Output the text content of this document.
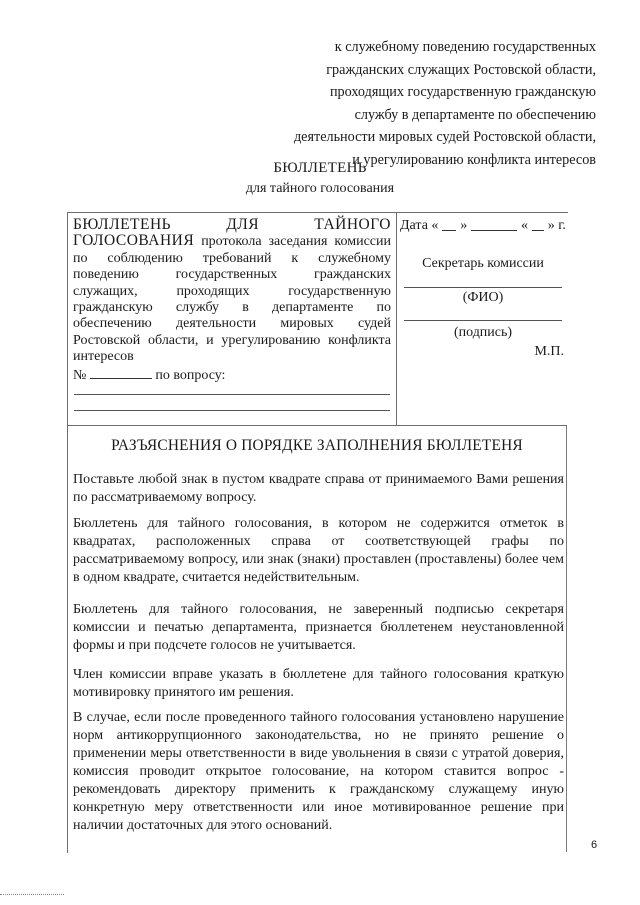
к служебному поведению государственных
гражданских служащих Ростовской области,
проходящих государственную гражданскую
службу в департаменте по обеспечению
деятельности мировых судей Ростовской области,
и урегулированию конфликта интересов
БЮЛЛЕТЕНЬ
для тайного голосования
БЮЛЛЕТЕНЬ	ДЛЯ	ТАЙНОГО
ГОЛОСОВАНИЯ протокола заседания комиссии по соблюдению требований к служебному поведению государственных гражданских служащих, проходящих государственную гражданскую службу в департаменте по обеспечению деятельности мировых судей Ростовской области, и урегулированию конфликта интересов
№	по вопросу:
Дата « »	« » г.
Секретарь комиссии
(ФИО)
(подпись)
М.П.
РАЗЪЯСНЕНИЯ О ПОРЯДКЕ ЗАПОЛНЕНИЯ БЮЛЛЕТЕНЯ
Поставьте любой знак в пустом квадрате справа от принимаемого Вами решения по рассматриваемому вопросу.
Бюллетень для тайного голосования, в котором не содержится отметок в квадратах, расположенных справа от соответствующей графы по рассматриваемому вопросу, или знак (знаки) проставлен (проставлены) более чем в одном квадрате, считается недействительным.
Бюллетень для тайного голосования, не заверенный подписью секретаря комиссии и печатью департамента, признается бюллетенем неустановленной формы и при подсчете голосов не учитывается.
Член комиссии вправе указать в бюллетене для тайного голосования краткую мотивировку принятого им решения.
В случае, если после проведенного тайного голосования установлено нарушение норм антикоррупционного законодательства, но не принято решение о применении меры ответственности в виде увольнения в связи с утратой доверия, комиссия проводит открытое голосование, на котором ставится вопрос - рекомендовать директору применить к гражданскому служащему иную конкретную меру ответственности или иное мотивированное решение при наличии достаточных для этого оснований.
6
